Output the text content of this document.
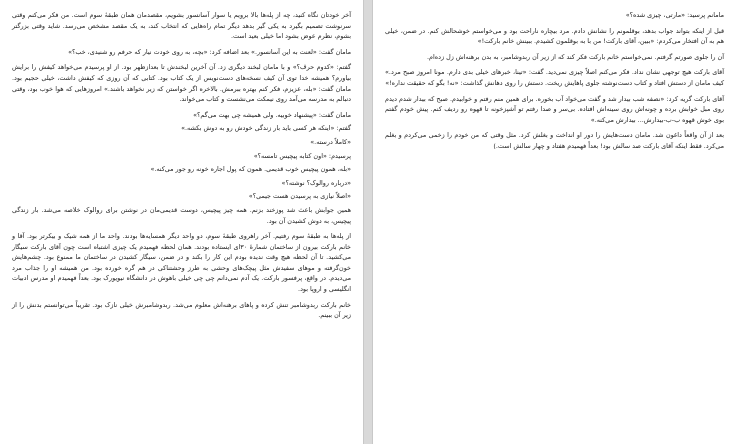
آخر خودتان نگاه کنید، چه از پله‌ها بالا برویم یا سوار آسانسور بشویم، مقصدمان همان طبقهٔ سوم است. من فکر می‌کنم وقتی سرنوشت تصمیم بگیرد به یکی گیر بدهد دیگر تمام راه‌هایی که انتخاب کند، به یک مقصد مشخص می‌رسد. شاید وقتی بزرگتر بشوم، نظرم عوض بشود اما خیلی بعید است.

مامان گفت: «لعنت به این آسانسور.» بعد اضافه کرد: «بچه، به روی خودت نیار که حرفم رو شنیدی، خب؟»

گفتم: «کدوم حرف؟» و با مامان لبخند دیگری زد. آن آخرین لبخندش تا بعدازظهر بود. از او پرسیدم می‌خواهد کیفش را برایش بیاورم؟ همیشه خدا توی آن کیف نسخه‌های دست‌نویس از یک کتاب بود. کتابی که آن روزی که کیفش داشت، خیلی حجیم بود. مامان گفت: «بله، عزیزم، فکر کنم بهتره ببرمش. بالاخره اگر خواستن که زیر نخواهد باشند.» امروزهایی که هوا خوب بود، وقتی دنبالم به مدرسه می‌آمد روی نیمکت می‌نشست و کتاب می‌خواند.

مامان گفت: «پیشنهاد خوبیه. ولی همیشه چی بهت می‌گم؟»

گفتم: «اینکه هر کسی باید بار زندگی خودش رو به دوش بکشه.»

«کاملاً درسته.»

پرسیدم: «اون کتابه پیچیس تامسه؟»

«بله، همون پیچیس خوب قدیمی. همون که پول اجاره خونه رو جور می‌کنه.»

«درباره روالوک؟ نوشته؟»

«اصلاً نیازی به پرسیدن هست جیمی؟»

همین جوابش باعث شد پوزخند بزنم. همه چیز پیچیس، دوست قدیمی‌مان در نوشتن برای روالوک خلاصه می‌شد. بار زندگی پیچیس، به دوش کشیدن آن بود.

از پله‌ها به طبقهٔ سوم رفتیم. آخر راهروی طبقهٔ سوم، دو واحد دیگر همسایه‌ها بودند. واحد ما از همه شیک و بیکرتر بود. آقا و خانم بارکت بیرون از ساختمان شمارهٔ ۳۰ای ایستاده بودند. همان لحظه فهمیدم یک چیزی اشتباه است چون آقای بارکت سیگار می‌کشید. تا آن لحظه هیچ وقت ندیده بودم این کار را بکند و در ضمن، سیگار کشیدن در ساختمان ما ممنوع بود. چشم‌هایش خون‌گرفته و موهای سفیدش مثل پیچک‌های وحشی به طرز وحشتناکی در هم گره خورده بود. من همیشه او را جذاب مرد می‌دیدم. در واقع، پرفسور بارکت. یک آدم نمی‌دانم چی چی خیلی باهوش در دانشگاه نیویورک بود. بعداً فهمیدم او مدرس ادبیات انگلیسی و اروپا بود.

خانم بارکت ربدوشامبر تنش کرده و پاهای برهنه‌اش معلوم می‌شد. ربدوشامبرش خیلی نازک بود. تقریباً می‌توانستم بدنش را از زیر آن ببینم.

مامانم پرسید: «مارتی، چیزی شده؟»

قبل از اینکه بتواند جواب بدهد، بوقلمونم را نشانش دادم. مرد بیچاره ناراحت بود و می‌خواستم خوشحالش کنم. در ضمن، خیلی هم به آن افتخار می‌کردم: «ببین، آقای بارکت! من با به بوقلمون کشیدم. ببینش خانم بارکت!»

آن را جلوی صورتم گرفتم. نمی‌خواستم خانم بارکت فکر کند که از زیر آن ربدوشامبر، به بدن برهنه‌اش زل زده‌ام.

آقای بارکت هیچ توجهی نشان نداد. فکر می‌کنم اصلاً چیزی نمی‌دید. گفت: «تینا، خبرهای خیلی بدی دارم. مونا امروز صبح مرد.» کیف مامان از دستش افتاد و کتاب دست‌نوشته جلوی پاهایش ریخت. دستش را روی دهانش گذاشت: «نه! بگو که حقیقت نداره!»

آقای بارکت گریه کرد: «نصفه شب بیدار شد و گفت می‌خواد آب بخوره. برای همین منم رفتم و خوابیدم. صبح که بیدار شدم دیدم روی مبل خوابش برده و چونه‌اش روی سینه‌اش افتاده. بی‌سر و صدا رفتم تو آشپزخونه تا قهوه رو ردیف کنم. پیش خودم گفتم بوی خوش قهوه ب-ب-بیدارش... بیدارش می‌کنه.»

بعد از آن واقعاً داغون شد. مامان دست‌هایش را دور او انداخت و بغلش کرد. مثل وقتی که من خودم را زخمی می‌کردم و بغلم می‌کرد. فقط اینکه آقای بارکت صد سالش بود! بعداً فهمیدم هفتاد و چهار سالش است.)
